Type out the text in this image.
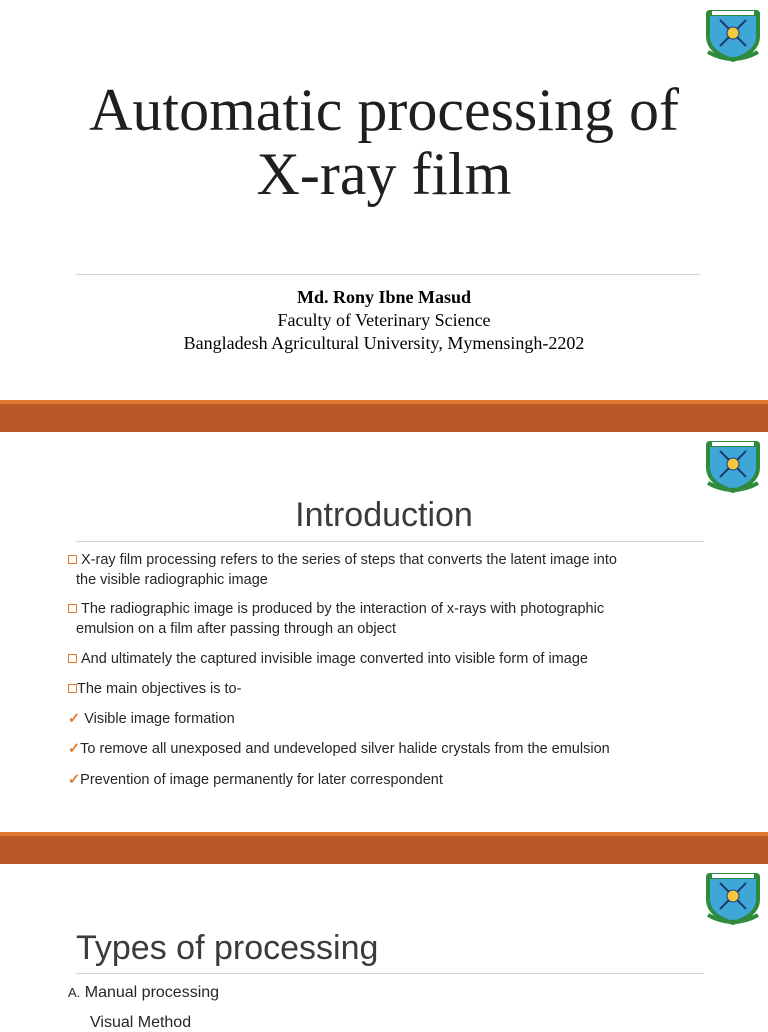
Automatic processing of
X-ray film
Md. Rony Ibne Masud
Faculty of Veterinary Science
Bangladesh Agricultural University, Mymensingh-2202
Introduction
X-ray film processing refers to the series of steps that converts the latent image into
the visible radiographic image
The radiographic image is produced by the interaction of x-rays with photographic
emulsion on a film after passing through an object
And ultimately the captured invisible image converted into visible form of image
The main objectives is to-
✓ Visible image formation
✓To remove all unexposed and undeveloped silver halide crystals from the emulsion
✓Prevention of image permanently for later correspondent
Types of processing
A. Manual processing
Visual Method
